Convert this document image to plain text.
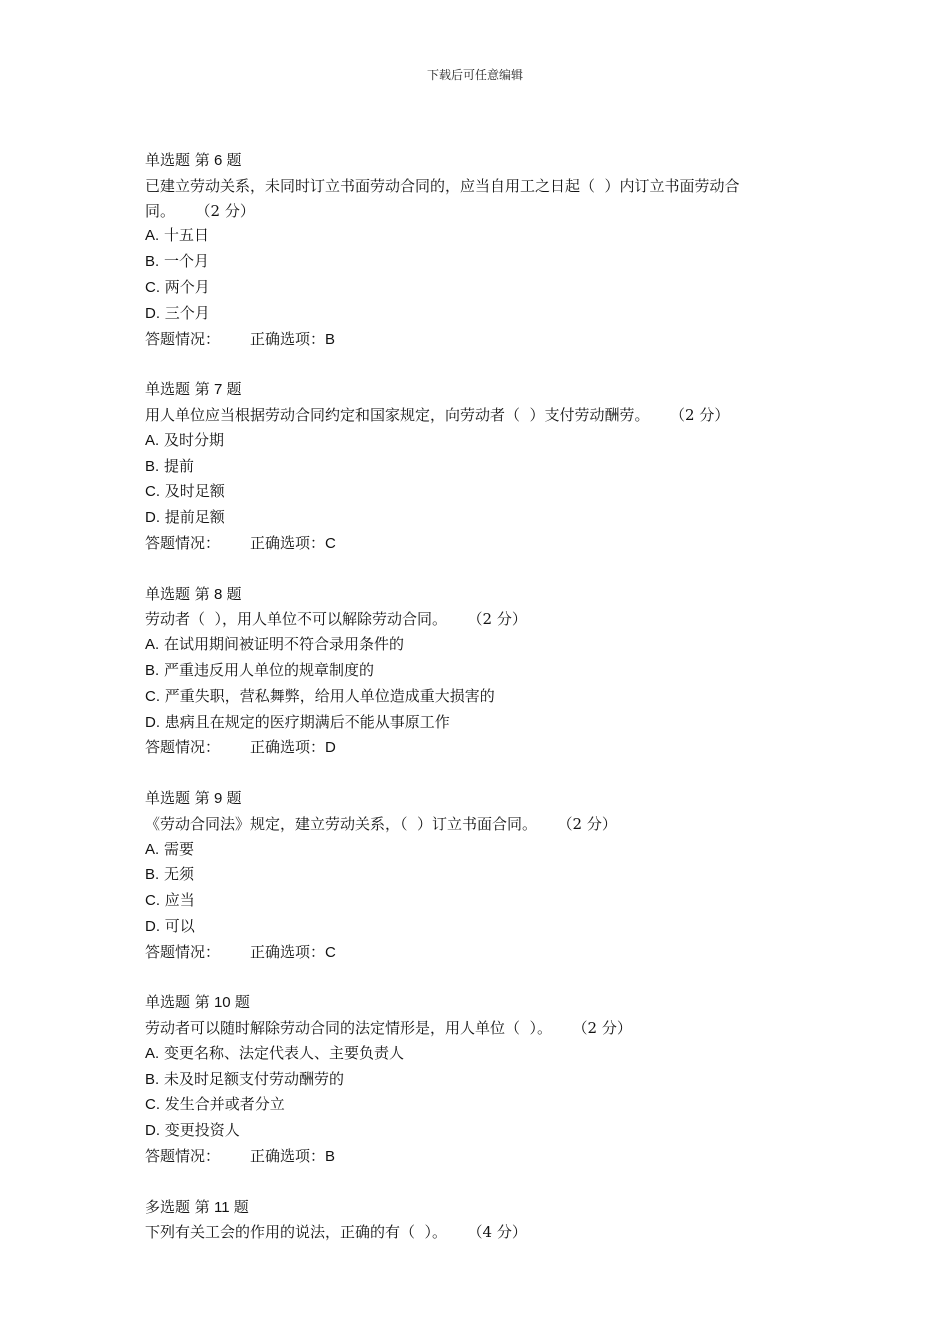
下载后可任意编辑
单选题 第 6 题
已建立劳动关系，未同时订立书面劳动合同的，应当自用工之日起（  ）内订立书面劳动合
同。 （2 分）
A. 十五日
B. 一个月
C. 两个月
D. 三个月
答题情况： 正确选项：B
单选题 第 7 题
用人单位应当根据劳动合同约定和国家规定，向劳动者（  ）支付劳动酬劳。 （2 分）
A. 及时分期
B. 提前
C. 及时足额
D. 提前足额
答题情况： 正确选项：C
单选题 第 8 题
劳动者（  ），用人单位不可以解除劳动合同。 （2 分）
A. 在试用期间被证明不符合录用条件的
B. 严重违反用人单位的规章制度的
C. 严重失职，营私舞弊，给用人单位造成重大损害的
D. 患病且在规定的医疗期满后不能从事原工作
答题情况： 正确选项：D
单选题 第 9 题
《劳动合同法》规定，建立劳动关系，（  ）订立书面合同。 （2 分）
A. 需要
B. 无须
C. 应当
D. 可以
答题情况： 正确选项：C
单选题 第 10 题
劳动者可以随时解除劳动合同的法定情形是，用人单位（  ）。 （2 分）
A. 变更名称、法定代表人、主要负责人
B. 未及时足额支付劳动酬劳的
C. 发生合并或者分立
D. 变更投资人
答题情况： 正确选项：B
多选题 第 11 题
下列有关工会的作用的说法，正确的有（  ）。 （4 分）
